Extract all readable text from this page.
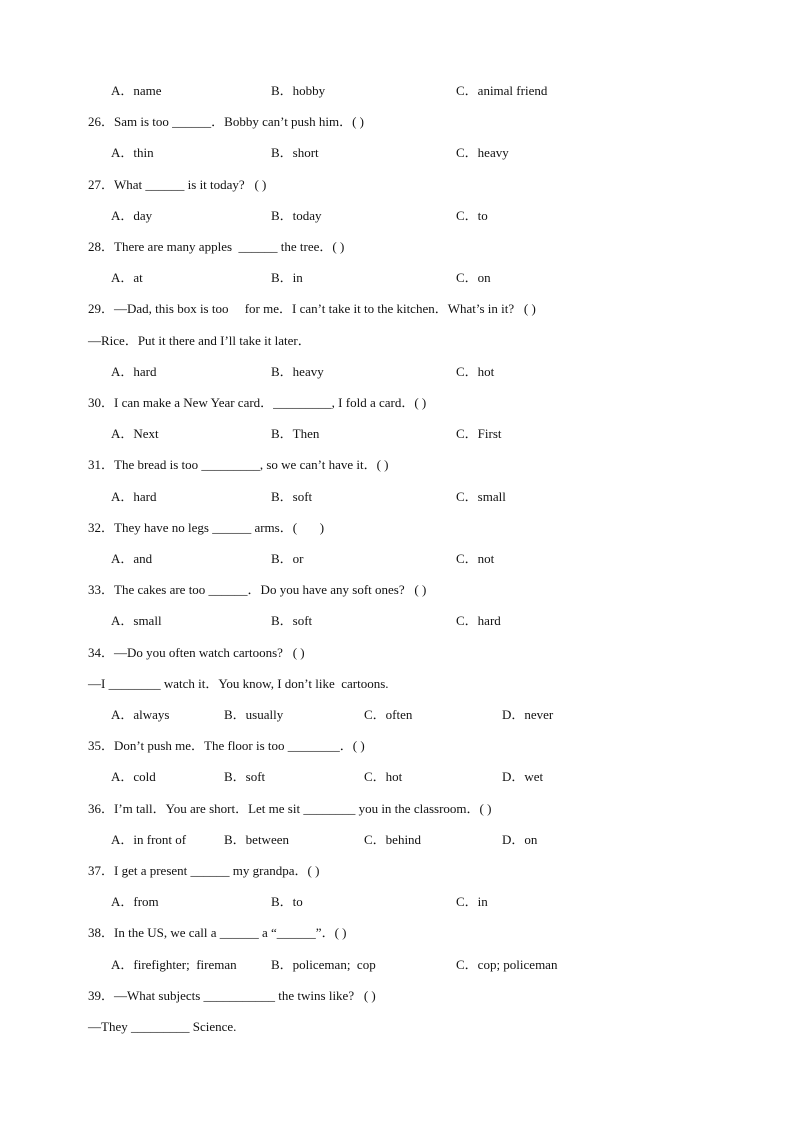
A．name	B．hobby	C．animal friend
26．Sam is too ______．Bobby can’t push him．( )
A．thin	B．short	C．heavy
27．What ______ is it today?   ( )
A．day	B．today	C．to
28．There are many apples  ______ the tree．( )
A．at	B．in	C．on
29．—Dad, this box is too     for me．I can’t take it to the kitchen．What’s in it?   ( )
—Rice．Put it there and I’ll take it later．
A．hard	B．heavy	C．hot
30．I can make a New Year card．_________, I fold a card．( )
A．Next	B．Then	C．First
31．The bread is too _________, so we can’t have it．( )
A．hard	B．soft	C．small
32．They have no legs ______ arms．(       )
A．and	B．or	C．not
33．The cakes are too ______．Do you have any soft ones?   ( )
A．small	B．soft	C．hard
34．—Do you often watch cartoons?   ( )
—I ________ watch it．You know, I don’t like  cartoons.
A．always	B．usually	C．often	D．never
35．Don’t push me．The floor is too ________．( )
A．cold	B．soft	C．hot	D．wet
36．I’m tall．You are short．Let me sit ________ you in the classroom．( )
A．in front of	B．between	C．behind	D．on
37．I get a present ______ my grandpa．( )
A．from	B．to	C．in
38．In the US, we call a ______ a “______”．( )
A．firefighter;  fireman	B．policeman;  cop	C．cop; policeman
39．—What subjects ___________ the twins like?   ( )
—They _________ Science.
